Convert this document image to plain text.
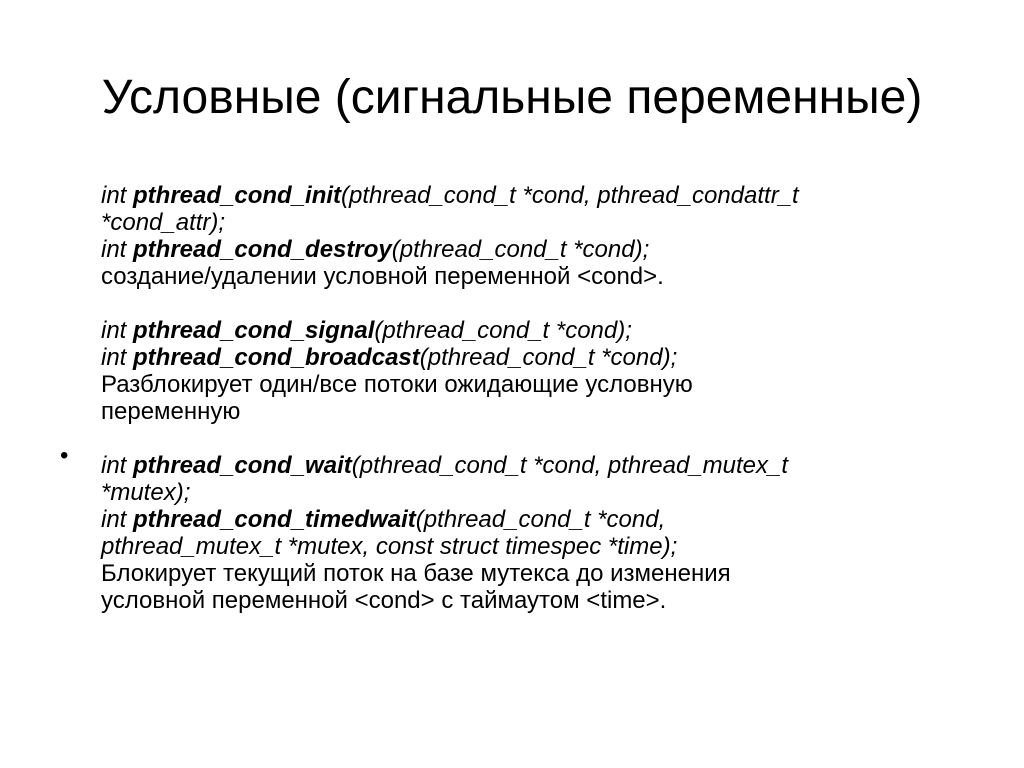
Условные (сигнальные переменные)
•
int pthread_cond_init(pthread_cond_t *cond, pthread_condattr_t
*cond_attr);
int pthread_cond_destroy(pthread_cond_t *cond);
создание/удалении условной переменной <cond>.
int pthread_cond_signal(pthread_cond_t *cond);
int pthread_cond_broadcast(pthread_cond_t *cond);
Разблокирует один/все потоки ожидающие условную
переменную
int pthread_cond_wait(pthread_cond_t *cond, pthread_mutex_t
*mutex);
int pthread_cond_timedwait(pthread_cond_t *cond,
pthread_mutex_t *mutex, const struct timespec *time);
Блокирует текущий поток на базе мутекса до изменения
условной переменной <cond> с таймаутом <time>.
